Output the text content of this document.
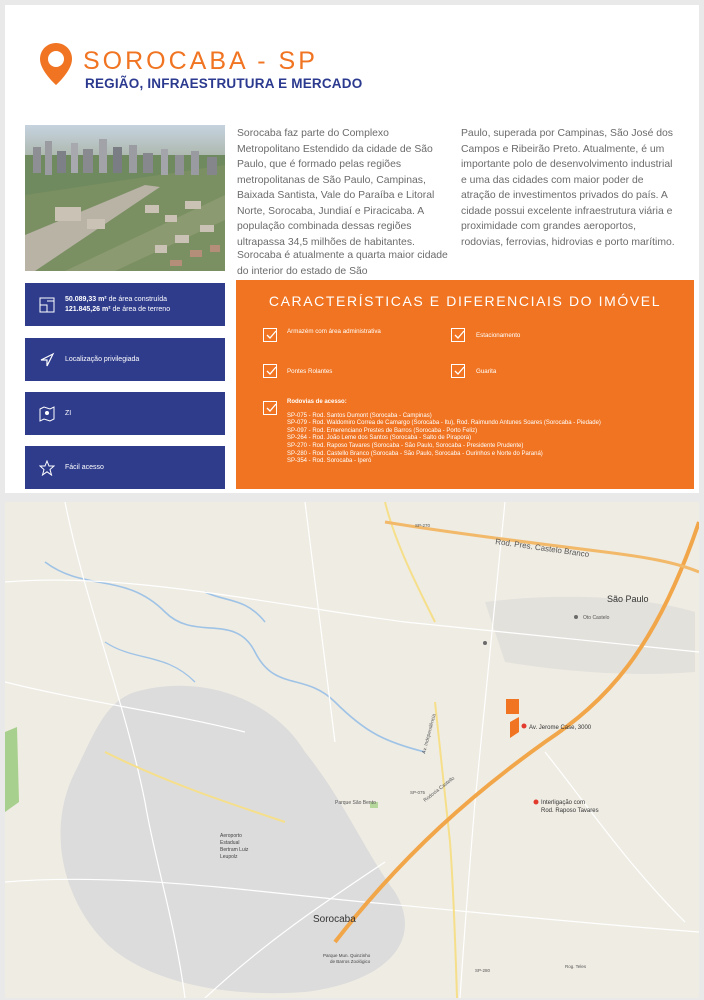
SOROCABA - SP
REGIÃO, INFRAESTRUTURA E MERCADO
Sorocaba faz parte do Complexo Metropolitano Estendido da cidade de São Paulo, que é formado pelas regiões metropolitanas de São Paulo, Campinas, Baixada Santista, Vale do Paraíba e Litoral Norte, Sorocaba, Jundiaí e Piracicaba. A população combinada dessas regiões ultrapassa 34,5 milhões de habitantes.
Sorocaba é atualmente a quarta maior cidade do interior do estado de São
Paulo, superada por Campinas, São José dos Campos e Ribeirão Preto. Atualmente, é um importante polo de desenvolvimento industrial e uma das cidades com maior poder de atração de investimentos privados do país. A cidade possui excelente infraestrutura viária e proximidade com grandes aeroportos, rodovias, ferrovias, hidrovias e porto marítimo.
50.089,33 m² de área construída
121.845,26 m² de área de terreno
Localização privilegiada
ZI
Fácil acesso
CARACTERÍSTICAS E DIFERENCIAIS DO IMÓVEL
Armazém com área administrativa
Estacionamento
Pontes Rolantes	Guarita
Rodovias de acesso:
SP-075 - Rod. Santos Dumont (Sorocaba - Campinas)
SP-079 - Rod. Waldomiro Correa de Camargo (Sorocaba - Itu), Rod. Raimundo Antunes Soares (Sorocaba - Piedade)
SP-097 - Rod. Emerenciano Prestes de Barros (Sorocaba - Porto Feliz)
SP-264 - Rod. João Leme dos Santos (Sorocaba - Salto de Pirapora)
SP-270 - Rod. Raposo Tavares (Sorocaba - São Paulo, Sorocaba - Presidente Prudente)
SP-280 - Rod. Castello Branco (Sorocaba - São Paulo, Sorocaba - Ourinhos e Norte do Paraná)
SP-354 - Rod. Sorocaba - Iperó
Rod. Pres. Castelo Branco
São Paulo
Oto Castelo
Av. Jerome Case, 3000
Interligação com
Rod. Raposo Tavares
Av. Independência
Rodovia Castello
Parque São Bento
Aeroporto
Estadual
Bertram Luiz
Leupolz
Sorocaba
Parque Mun. Quinzinho
de Barros Zoológico
Rog. Teles
SP-075
SP-280
SP-270
